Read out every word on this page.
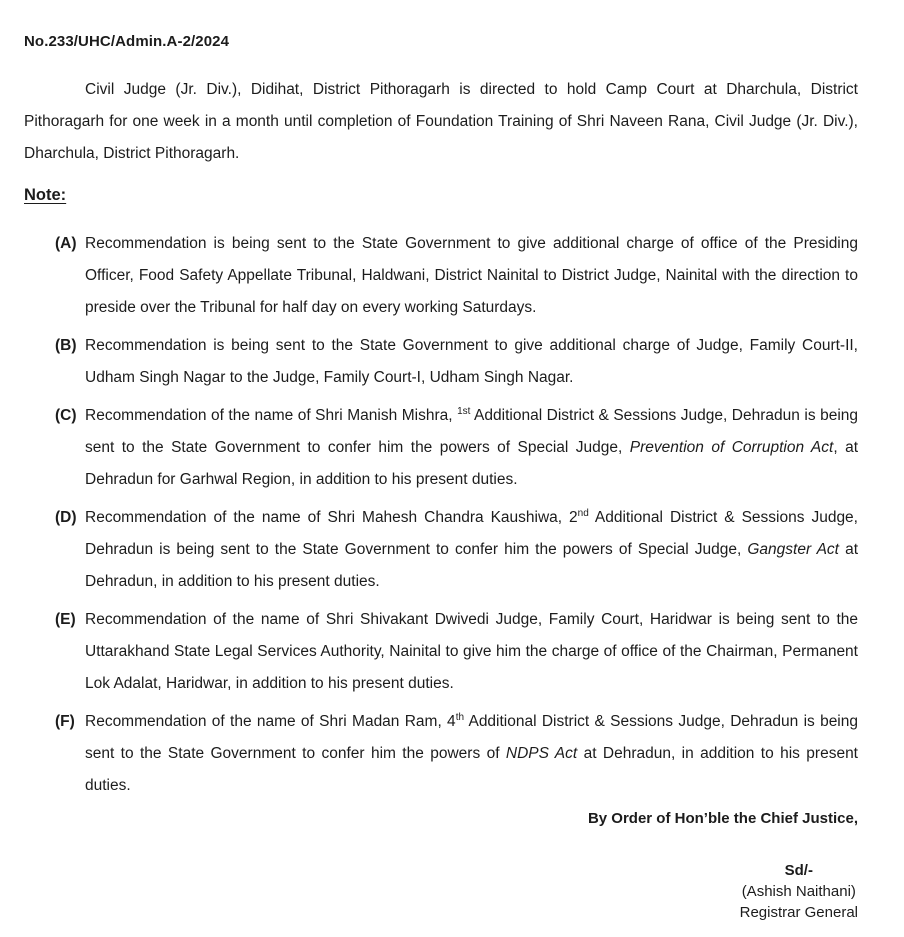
No.233/UHC/Admin.A-2/2024

Civil Judge (Jr. Div.), Didihat, District Pithoragarh is directed to hold Camp Court at Dharchula, District Pithoragarh for one week in a month until completion of Foundation Training of Shri Naveen Rana, Civil Judge (Jr. Div.), Dharchula, District Pithoragarh.

Note:
(A) Recommendation is being sent to the State Government to give additional charge of office of the Presiding Officer, Food Safety Appellate Tribunal, Haldwani, District Nainital to District Judge, Nainital with the direction to preside over the Tribunal for half day on every working Saturdays.
(B) Recommendation is being sent to the State Government to give additional charge of Judge, Family Court-II, Udham Singh Nagar to the Judge, Family Court-I, Udham Singh Nagar.
(C) Recommendation of the name of Shri Manish Mishra, $^{1st}$ Additional District & Sessions Judge, Dehradun is being sent to the State Government to confer him the powers of Special Judge, Prevention of Corruption Act, at Dehradun for Garhwal Region, in addition to his present duties.
(D) Recommendation of the name of Shri Mahesh Chandra Kaushiwa, 2nd Additional District & Sessions Judge, Dehradun is being sent to the State Government to confer him the powers of Special Judge, Gangster Act at Dehradun, in addition to his present duties.
(E) Recommendation of the name of Shri Shivakant Dwivedi Judge, Family Court, Haridwar is being sent to the Uttarakhand State Legal Services Authority, Nainital to give him the charge of office of the Chairman, Permanent Lok Adalat, Haridwar, in addition to his present duties.
(F) Recommendation of the name of Shri Madan Ram, 4th Additional District & Sessions Judge, Dehradun is being sent to the State Government to confer him the powers of NDPS Act at Dehradun, in addition to his present duties.
By Order of Hon’ble the Chief Justice,
Sd/-
(Ashish Naithani)
Registrar General
